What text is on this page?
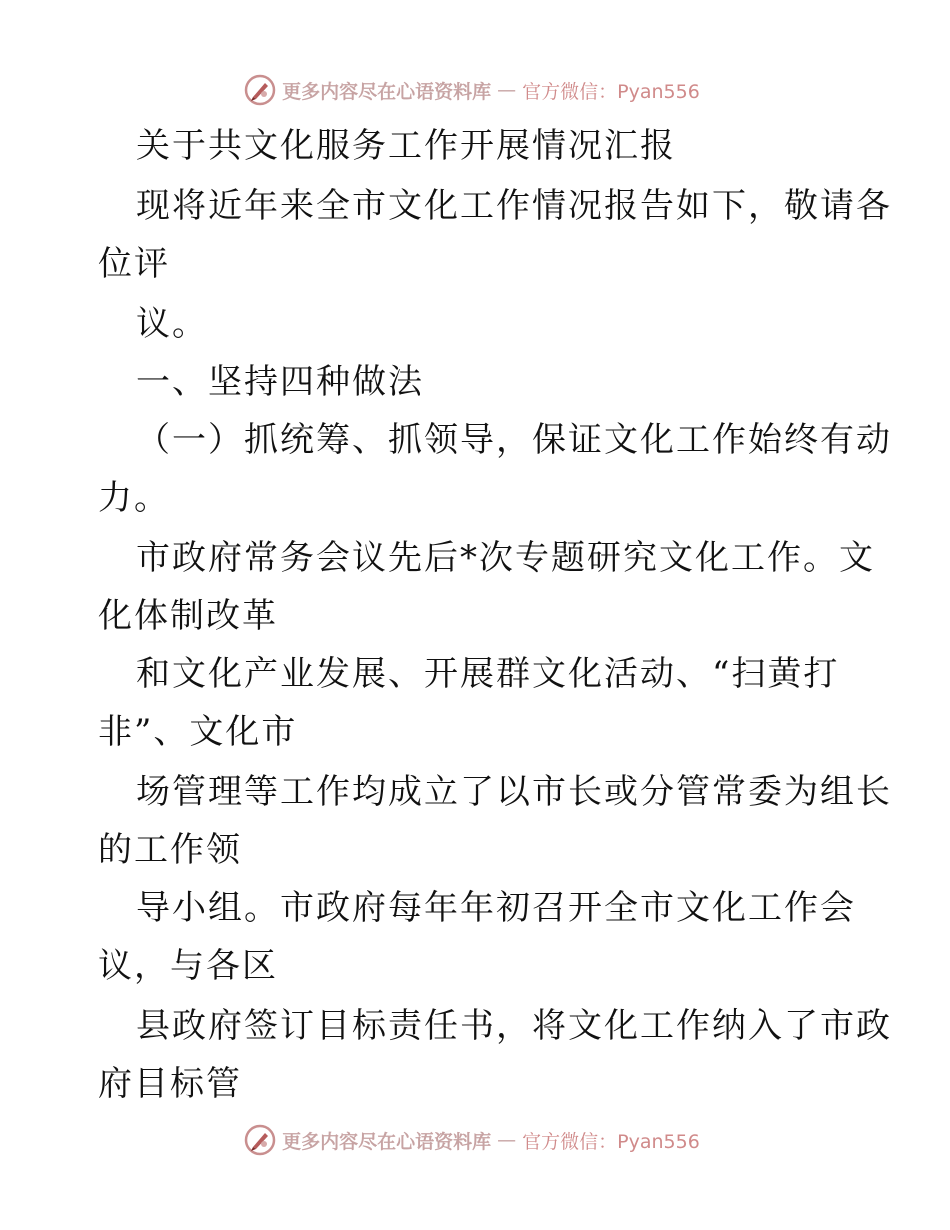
更多内容尽在心语资料库 — 官方微信：Pyan556
关于共文化服务工作开展情况汇报
现将近年来全市文化工作情况报告如下，敬请各
位评
议。
一、坚持四种做法
（一）抓统筹、抓领导，保证文化工作始终有动
力。
市政府常务会议先后*次专题研究文化工作。文
化体制改革
和文化产业发展、开展群文化活动、“扫黄打
非”、文化市
场管理等工作均成立了以市长或分管常委为组长
的工作领
导小组。市政府每年年初召开全市文化工作会
议，与各区
县政府签订目标责任书，将文化工作纳入了市政
府目标管
更多内容尽在心语资料库 — 官方微信：Pyan556
